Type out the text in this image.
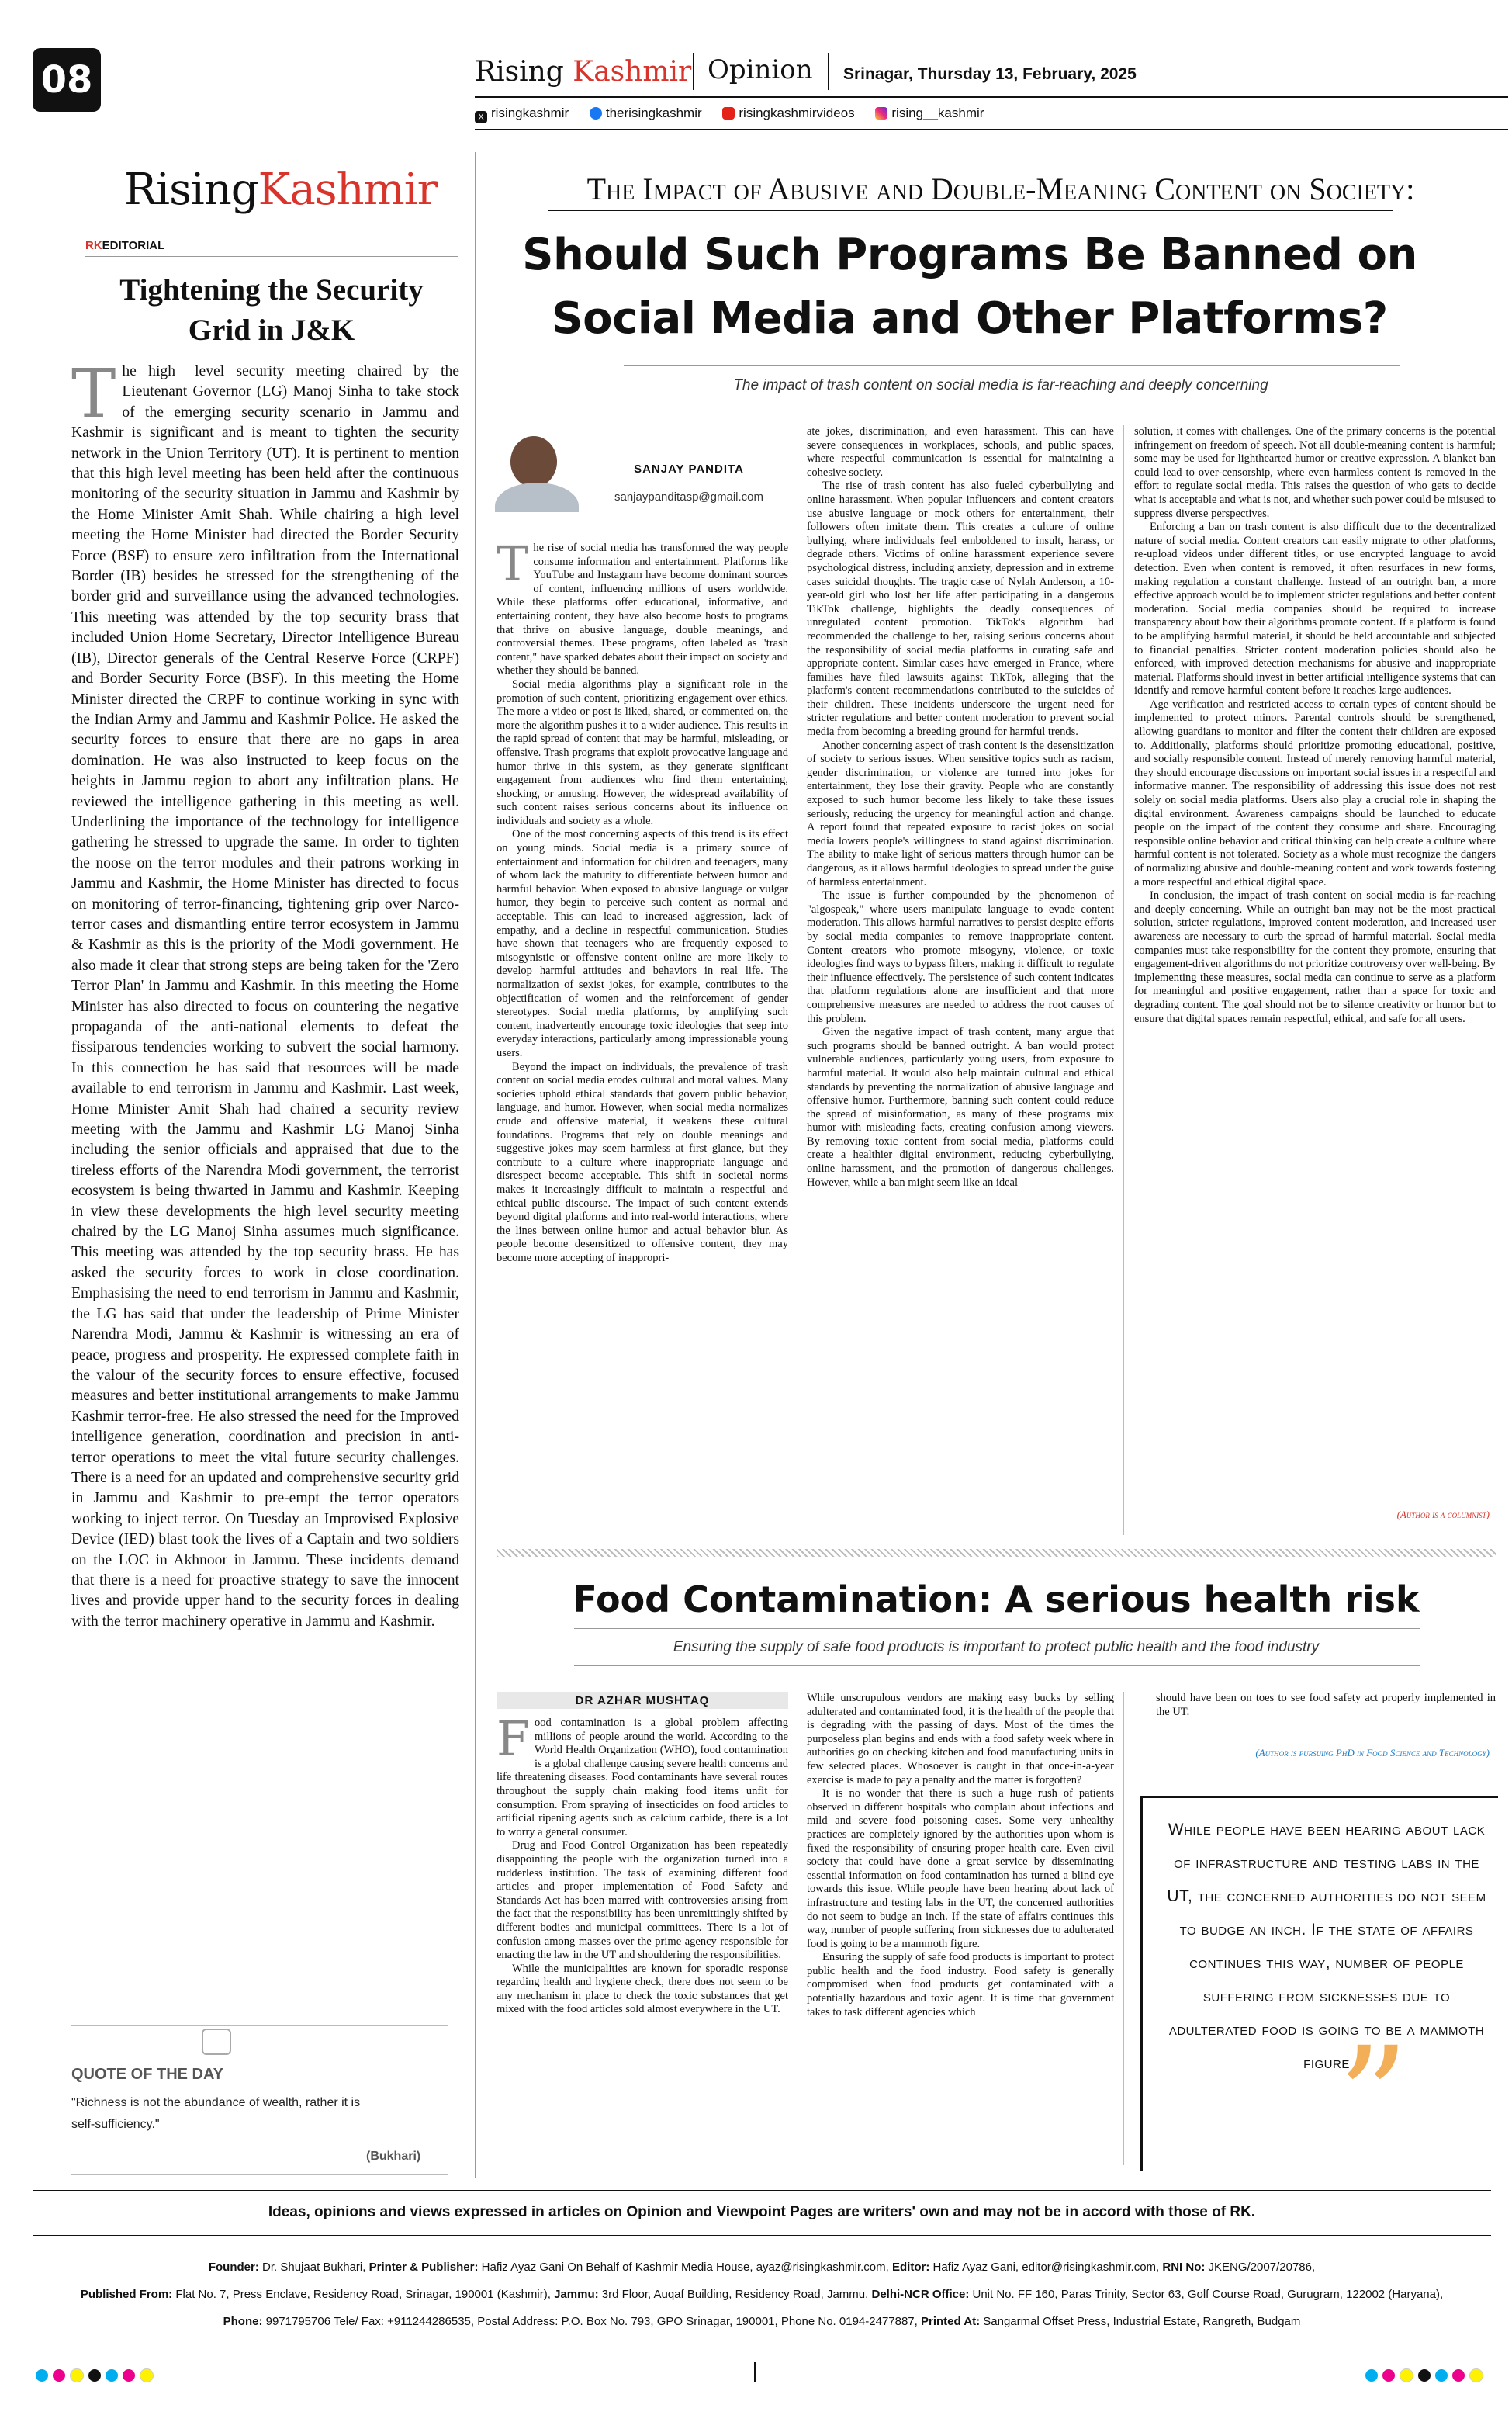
08	Rising Kashmir Opinion Srinagar, Thursday 13, February, 2025
X risingkashmir	therisingkashmir	risingkashmirvideos	rising__kashmir
RisingKashmir
RKEDITORIAL
Tightening the Security Grid in J&K
The high –level security meeting chaired by the Lieutenant Governor (LG) Manoj Sinha to take stock of the emerging security scenario in Jammu and Kashmir is significant and is meant to tighten the security network in the Union Territory (UT). It is pertinent to mention that this high level meeting has been held after the continuous monitoring of the security situation in Jammu and Kashmir by the Home Minister Amit Shah. While chairing a high level meeting the Home Minister had directed the Border Security Force (BSF) to ensure zero infiltration from the International Border (IB) besides he stressed for the strengthening of the border grid and surveillance using the advanced technologies. This meeting was attended by the top security brass that included Union Home Secretary, Director Intelligence Bureau (IB), Director generals of the Central Reserve Force (CRPF) and Border Security Force (BSF). In this meeting the Home Minister directed the CRPF to continue working in sync with the Indian Army and Jammu and Kashmir Police. He asked the security forces to ensure that there are no gaps in area domination. He was also instructed to keep focus on the heights in Jammu region to abort any infiltration plans. He reviewed the intelligence gathering in this meeting as well. Underlining the importance of the technology for intelligence gathering he stressed to upgrade the same. In order to tighten the noose on the terror modules and their patrons working in Jammu and Kashmir, the Home Minister has directed to focus on monitoring of terror-financing, tightening grip over Narco-terror cases and dismantling entire terror ecosystem in Jammu & Kashmir as this is the priority of the Modi government. He also made it clear that strong steps are being taken for the 'Zero Terror Plan' in Jammu and Kashmir. In this meeting the Home Minister has also directed to focus on countering the negative propaganda of the anti-national elements to defeat the fissiparous tendencies working to subvert the social harmony. In this connection he has said that resources will be made available to end terrorism in Jammu and Kashmir. Last week, Home Minister Amit Shah had chaired a security review meeting with the Jammu and Kashmir LG Manoj Sinha including the senior officials and appraised that due to the tireless efforts of the Narendra Modi government, the terrorist ecosystem is being thwarted in Jammu and Kashmir. Keeping in view these developments the high level security meeting chaired by the LG Manoj Sinha assumes much significance. This meeting was attended by the top security brass. He has asked the security forces to work in close coordination. Emphasising the need to end terrorism in Jammu and Kashmir, the LG has said that under the leadership of Prime Minister Narendra Modi, Jammu & Kashmir is witnessing an era of peace, progress and prosperity. He expressed complete faith in the valour of the security forces to ensure effective, focused measures and better institutional arrangements to make Jammu Kashmir terror-free. He also stressed the need for the Improved intelligence generation, coordination and precision in anti-terror operations to meet the vital future security challenges. There is a need for an updated and comprehensive security grid in Jammu and Kashmir to pre-empt the terror operators working to inject terror. On Tuesday an Improvised Explosive Device (IED) blast took the lives of a Captain and two soldiers on the LOC in Akhnoor in Jammu. These incidents demand that there is a need for proactive strategy to save the innocent lives and provide upper hand to the security forces in dealing with the terror machinery operative in Jammu and Kashmir.
QUOTE OF THE DAY
"Richness is not the abundance of wealth, rather it is self-sufficiency."
(Bukhari)
The Impact of Abusive and Double-Meaning Content on Society:
Should Such Programs Be Banned on Social Media and Other Platforms?
The impact of trash content on social media is far-reaching and deeply concerning
SANJAY PANDITA
sanjaypanditasp@gmail.com

The rise of social media has transformed the way people consume information and entertainment. Platforms like YouTube and Instagram have become dominant sources of content, influencing millions of users worldwide. While these platforms offer educational, informative, and entertaining content, they have also become hosts to programs that thrive on abusive language, double meanings, and controversial themes. These programs, often labeled as "trash content," have sparked debates about their impact on society and whether they should be banned.

Social media algorithms play a significant role in the promotion of such content, prioritizing engagement over ethics. The more a video or post is liked, shared, or commented on, the more the algorithm pushes it to a wider audience. This results in the rapid spread of content that may be harmful, misleading, or offensive. Trash programs that exploit provocative language and humor thrive in this system, as they generate significant engagement from audiences who find them entertaining, shocking, or amusing. However, the widespread availability of such content raises serious concerns about its influence on individuals and society as a whole.

One of the most concerning aspects of this trend is its effect on young minds. Social media is a primary source of entertainment and information for children and teenagers, many of whom lack the maturity to differentiate between humor and harmful behavior. When exposed to abusive language or vulgar humor, they begin to perceive such content as normal and acceptable. This can lead to increased aggression, lack of empathy, and a decline in respectful communication. Studies have shown that teenagers who are frequently exposed to misogynistic or offensive content online are more likely to develop harmful attitudes and behaviors in real life. The normalization of sexist jokes, for example, contributes to the objectification of women and the reinforcement of gender stereotypes. Social media platforms, by amplifying such content, inadvertently encourage toxic ideologies that seep into everyday interactions, particularly among impressionable young users.

Beyond the impact on individuals, the prevalence of trash content on social media erodes cultural and moral values. Many societies uphold ethical standards that govern public behavior, language, and humor. However, when social media normalizes crude and offensive material, it weakens these cultural foundations. Programs that rely on double meanings and suggestive jokes may seem harmless at first glance, but they contribute to a culture where inappropriate language and disrespect become acceptable. This shift in societal norms makes it increasingly difficult to maintain a respectful and ethical public discourse. The impact of such content extends beyond digital platforms and into real-world interactions, where the lines between online humor and actual behavior blur. As people become desensitized to offensive content, they may become more accepting of inappropri-

ate jokes, discrimination, and even harassment. This can have severe consequences in workplaces, schools, and public spaces, where respectful communication is essential for maintaining a cohesive society.

The rise of trash content has also fueled cyberbullying and online harassment. When popular influencers and content creators use abusive language or mock others for entertainment, their followers often imitate them. This creates a culture of online bullying, where individuals feel emboldened to insult, harass, or degrade others. Victims of online harassment experience severe psychological distress, including anxiety, depression and in extreme cases suicidal thoughts. The tragic case of Nylah Anderson, a 10-year-old girl who lost her life after participating in a dangerous TikTok challenge, highlights the deadly consequences of unregulated content promotion. TikTok's algorithm had recommended the challenge to her, raising serious concerns about the responsibility of social media platforms in curating safe and appropriate content. Similar cases have emerged in France, where families have filed lawsuits against TikTok, alleging that the platform's content recommendations contributed to the suicides of their children. These incidents underscore the urgent need for stricter regulations and better content moderation to prevent social media from becoming a breeding ground for harmful trends.

Another concerning aspect of trash content is the desensitization of society to serious issues. When sensitive topics such as racism, gender discrimination, or violence are turned into jokes for entertainment, they lose their gravity. People who are constantly exposed to such humor become less likely to take these issues seriously, reducing the urgency for meaningful action and change. A report found that repeated exposure to racist jokes on social media lowers people's willingness to stand against discrimination. The ability to make light of serious matters through humor can be dangerous, as it allows harmful ideologies to spread under the guise of harmless entertainment.

The issue is further compounded by the phenomenon of "algospeak," where users manipulate language to evade content moderation. This allows harmful narratives to persist despite efforts by social media companies to remove inappropriate content. Content creators who promote misogyny, violence, or toxic ideologies find ways to bypass filters, making it difficult to regulate their influence effectively. The persistence of such content indicates that platform regulations alone are insufficient and that more comprehensive measures are needed to address the root causes of this problem.

Given the negative impact of trash content, many argue that such programs should be banned outright. A ban would protect vulnerable audiences, particularly young users, from exposure to harmful material. It would also help maintain cultural and ethical standards by preventing the normalization of abusive language and offensive humor. Furthermore, banning such content could reduce the spread of misinformation, as many of these programs mix humor with misleading facts, creating confusion among viewers. By removing toxic content from social media, platforms could create a healthier digital environment, reducing cyberbullying, online harassment, and the promotion of dangerous challenges. However, while a ban might seem like an ideal

solution, it comes with challenges. One of the primary concerns is the potential infringement on freedom of speech. Not all double-meaning content is harmful; some may be used for lighthearted humor or creative expression. A blanket ban could lead to over-censorship, where even harmless content is removed in the effort to regulate social media. This raises the question of who gets to decide what is acceptable and what is not, and whether such power could be misused to suppress diverse perspectives.

Enforcing a ban on trash content is also difficult due to the decentralized nature of social media. Content creators can easily migrate to other platforms, re-upload videos under different titles, or use encrypted language to avoid detection. Even when content is removed, it often resurfaces in new forms, making regulation a constant challenge. Instead of an outright ban, a more effective approach would be to implement stricter regulations and better content moderation. Social media companies should be required to increase transparency about how their algorithms promote content. If a platform is found to be amplifying harmful material, it should be held accountable and subjected to financial penalties. Stricter content moderation policies should also be enforced, with improved detection mechanisms for abusive and inappropriate material. Platforms should invest in better artificial intelligence systems that can identify and remove harmful content before it reaches large audiences.

Age verification and restricted access to certain types of content should be implemented to protect minors. Parental controls should be strengthened, allowing guardians to monitor and filter the content their children are exposed to. Additionally, platforms should prioritize promoting educational, positive, and socially responsible content. Instead of merely removing harmful material, they should encourage discussions on important social issues in a respectful and informative manner. The responsibility of addressing this issue does not rest solely on social media platforms. Users also play a crucial role in shaping the digital environment. Awareness campaigns should be launched to educate people on the impact of the content they consume and share. Encouraging responsible online behavior and critical thinking can help create a culture where harmful content is not tolerated. Society as a whole must recognize the dangers of normalizing abusive and double-meaning content and work towards fostering a more respectful and ethical digital space.

In conclusion, the impact of trash content on social media is far-reaching and deeply concerning. While an outright ban may not be the most practical solution, stricter regulations, improved content moderation, and increased user awareness are necessary to curb the spread of harmful material. Social media companies must take responsibility for the content they promote, ensuring that engagement-driven algorithms do not prioritize controversy over well-being. By implementing these measures, social media can continue to serve as a platform for meaningful and positive engagement, rather than a space for toxic and degrading content. The goal should not be to silence creativity or humor but to ensure that digital spaces remain respectful, ethical, and safe for all users.

(Author is a columnist)
Food Contamination: A serious health risk
Ensuring the supply of safe food products is important to protect public health and the food industry
DR AZHAR MUSHTAQ

Food contamination is a global problem affecting millions of people around the world. According to the World Health Organization (WHO), food contamination is a global challenge causing severe health concerns and life threatening diseases. Food contaminants have several routes throughout the supply chain making food items unfit for consumption. From spraying of insecticides on food articles to artificial ripening agents such as calcium carbide, there is a lot to worry a general consumer.

Drug and Food Control Organization has been repeatedly disappointing the people with the organization turned into a rudderless institution. The task of examining different food articles and proper implementation of Food Safety and Standards Act has been marred with controversies arising from the fact that the responsibility has been unremittingly shifted by different bodies and municipal committees. There is a lot of confusion among masses over the prime agency responsible for enacting the law in the UT and shouldering the responsibilities.

While the municipalities are known for sporadic response regarding health and hygiene check, there does not seem to be any mechanism in place to check the toxic substances that get mixed with the food articles sold almost everywhere in the UT.

While unscrupulous vendors are making easy bucks by selling adulterated and contaminated food, it is the health of the people that is degrading with the passing of days. Most of the times the purposeless plan begins and ends with a food safety week where in authorities go on checking kitchen and food manufacturing units in few selected places. Whosoever is caught in that once-in-a-year exercise is made to pay a penalty and the matter is forgotten?

It is no wonder that there is such a huge rush of patients observed in different hospitals who complain about infections and mild and severe food poisoning cases. Some very unhealthy practices are completely ignored by the authorities upon whom is fixed the responsibility of ensuring proper health care. Even civil society that could have done a great service by disseminating essential information on food contamination has turned a blind eye towards this issue. While people have been hearing about lack of infrastructure and testing labs in the UT, the concerned authorities do not seem to budge an inch. If the state of affairs continues this way, number of people suffering from sicknesses due to adulterated food is going to be a mammoth figure.

Ensuring the supply of safe food products is important to protect public health and the food industry. Food safety is generally compromised when food products get contaminated with a potentially hazardous and toxic agent. It is time that government takes to task different agencies which

should have been on toes to see food safety act properly implemented in the UT.

(Author is pursuing PhD in Food Science and Technology)
”
While people have been hearing about lack of infrastructure and testing labs in the UT, the concerned authorities do not seem to budge an inch. If the state of affairs continues this way, number of people suffering from sicknesses due to adulterated food is going to be a mammoth figure
Ideas, opinions and views expressed in articles on Opinion and Viewpoint Pages are writers' own and may not be in accord with those of RK.
Founder: Dr. Shujaat Bukhari, Printer & Publisher: Hafiz Ayaz Gani On Behalf of Kashmir Media House, ayaz@risingkashmir.com, Editor: Hafiz Ayaz Gani, editor@risingkashmir.com, RNI No: JKENG/2007/20786,
Published From: Flat No. 7, Press Enclave, Residency Road, Srinagar, 190001 (Kashmir), Jammu: 3rd Floor, Auqaf Building, Residency Road, Jammu, Delhi-NCR Office: Unit No. FF 160, Paras Trinity, Sector 63, Golf Course Road, Gurugram, 122002 (Haryana),
Phone: 9971795706 Tele/ Fax: +911244286535, Postal Address: P.O. Box No. 793, GPO Srinagar, 190001, Phone No. 0194-2477887, Printed At: Sangarmal Offset Press, Industrial Estate, Rangreth, Budgam
